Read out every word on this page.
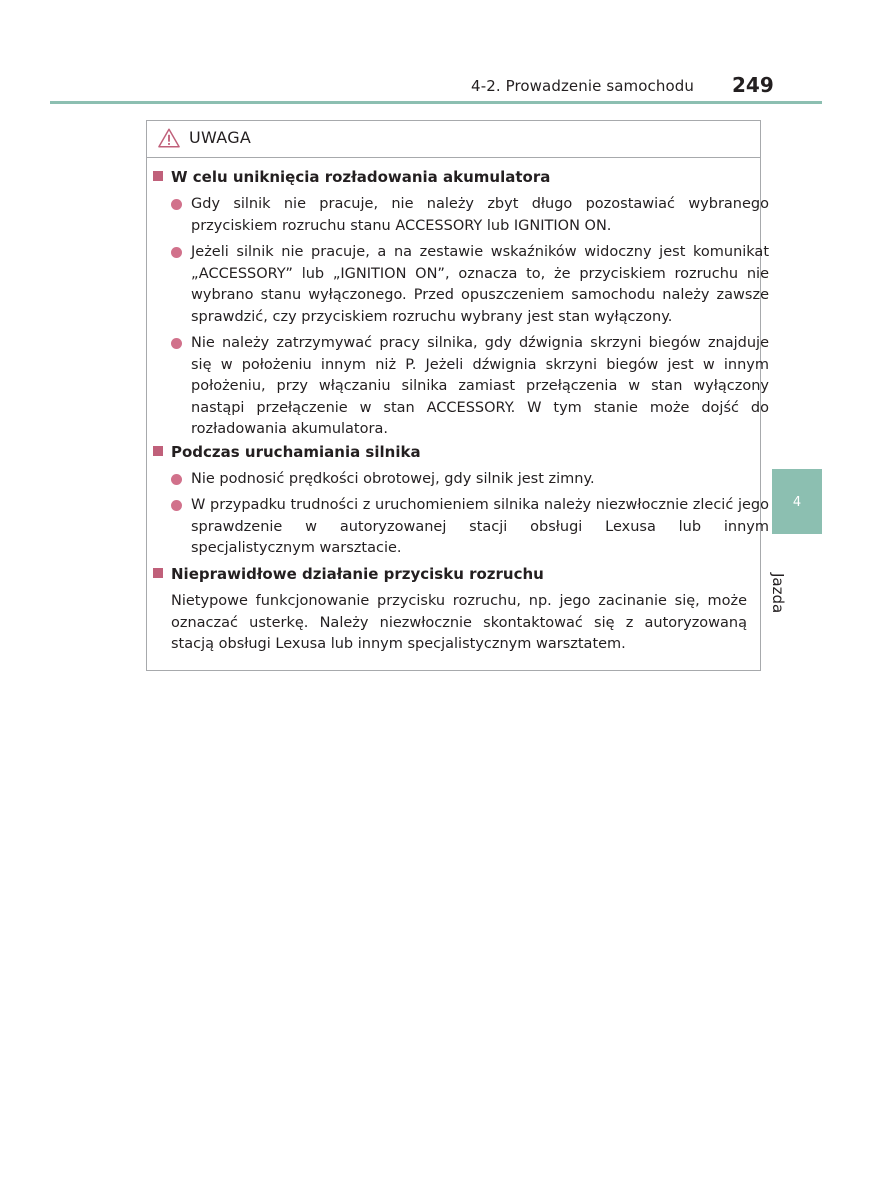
4-2. Prowadzenie samochodu 249
4
Jazda
UWAGA
W celu uniknięcia rozładowania akumulatora
Gdy silnik nie pracuje, nie należy zbyt długo pozostawiać wybranego przyciskiem rozruchu stanu ACCESSORY lub IGNITION ON.
Jeżeli silnik nie pracuje, a na zestawie wskaźników widoczny jest komunikat „ACCESSORY” lub „IGNITION ON”, oznacza to, że przyciskiem rozruchu nie wybrano stanu wyłączonego. Przed opuszczeniem samochodu należy zawsze sprawdzić, czy przyciskiem rozruchu wybrany jest stan wyłączony.
Nie należy zatrzymywać pracy silnika, gdy dźwignia skrzyni biegów znajduje się w położeniu innym niż P. Jeżeli dźwignia skrzyni biegów jest w innym położeniu, przy włączaniu silnika zamiast przełączenia w stan wyłączony nastąpi przełączenie w stan ACCESSORY. W tym stanie może dojść do rozładowania akumulatora.
Podczas uruchamiania silnika
Nie podnosić prędkości obrotowej, gdy silnik jest zimny.
W przypadku trudności z uruchomieniem silnika należy niezwłocznie zlecić jego sprawdzenie w autoryzowanej stacji obsługi Lexusa lub innym specjalistycznym warsztacie.
Nieprawidłowe działanie przycisku rozruchu
Nietypowe funkcjonowanie przycisku rozruchu, np. jego zacinanie się, może oznaczać usterkę. Należy niezwłocznie skontaktować się z autoryzowaną stacją obsługi Lexusa lub innym specjalistycznym warsztatem.
